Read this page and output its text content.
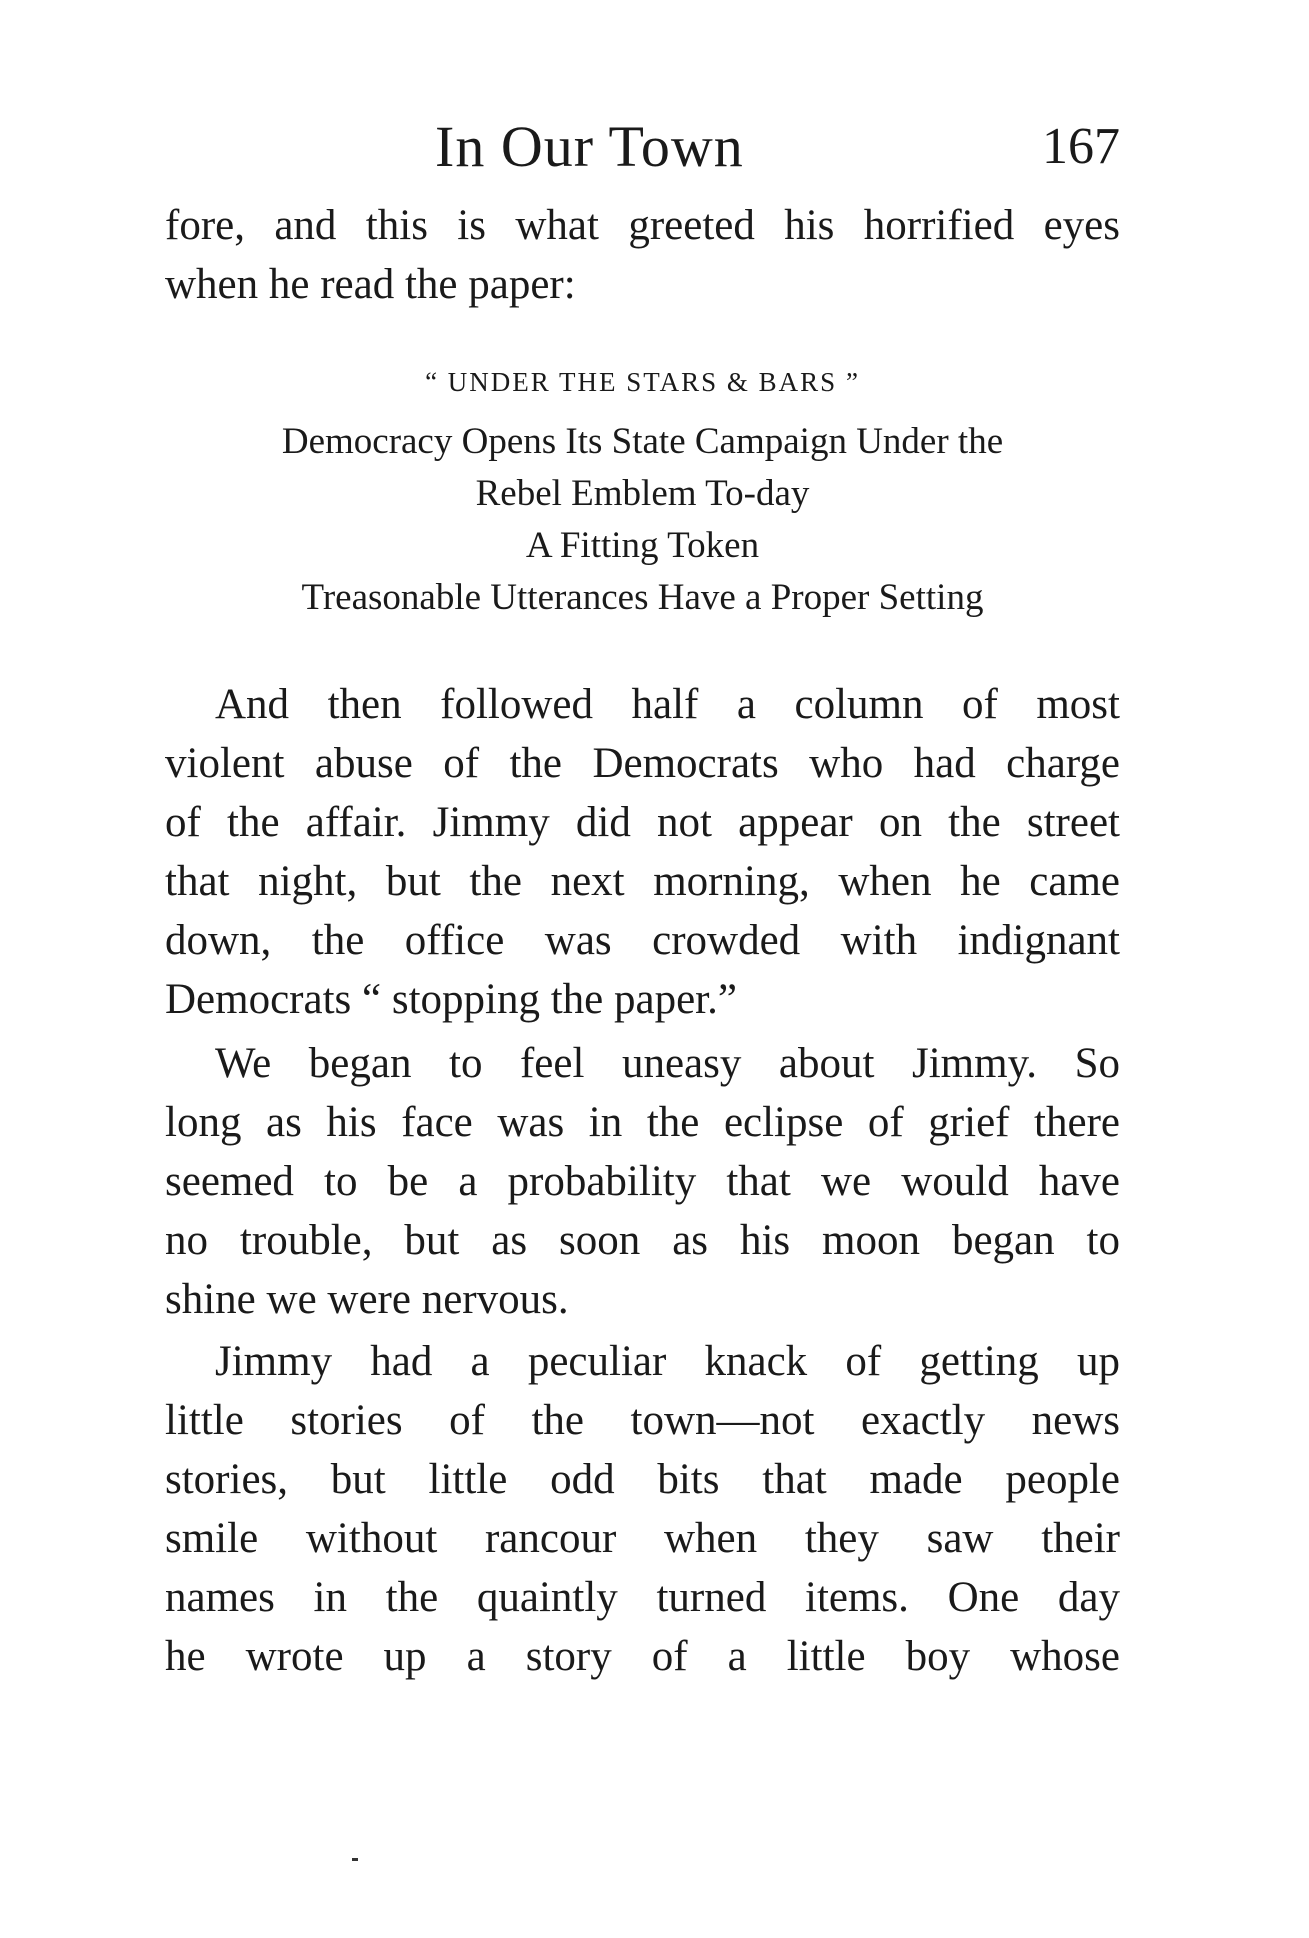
In Our Town	167
fore, and this is what greeted his horrified eyes
when he read the paper:
“ UNDER THE STARS & BARS ”
Democracy Opens Its State Campaign Under the
Rebel Emblem To-day
A Fitting Token
Treasonable Utterances Have a Proper Setting
And then followed half a column of most
violent abuse of the Democrats who had charge
of the affair. Jimmy did not appear on the street
that night, but the next morning, when he came
down, the office was crowded with indignant
Democrats “ stopping the paper.”
We began to feel uneasy about Jimmy. So
long as his face was in the eclipse of grief there
seemed to be a probability that we would have
no trouble, but as soon as his moon began to
shine we were nervous.
Jimmy had a peculiar knack of getting up
little stories of the town—not exactly news
stories, but little odd bits that made people
smile without rancour when they saw their
names in the quaintly turned items. One day
he wrote up a story of a little boy whose
